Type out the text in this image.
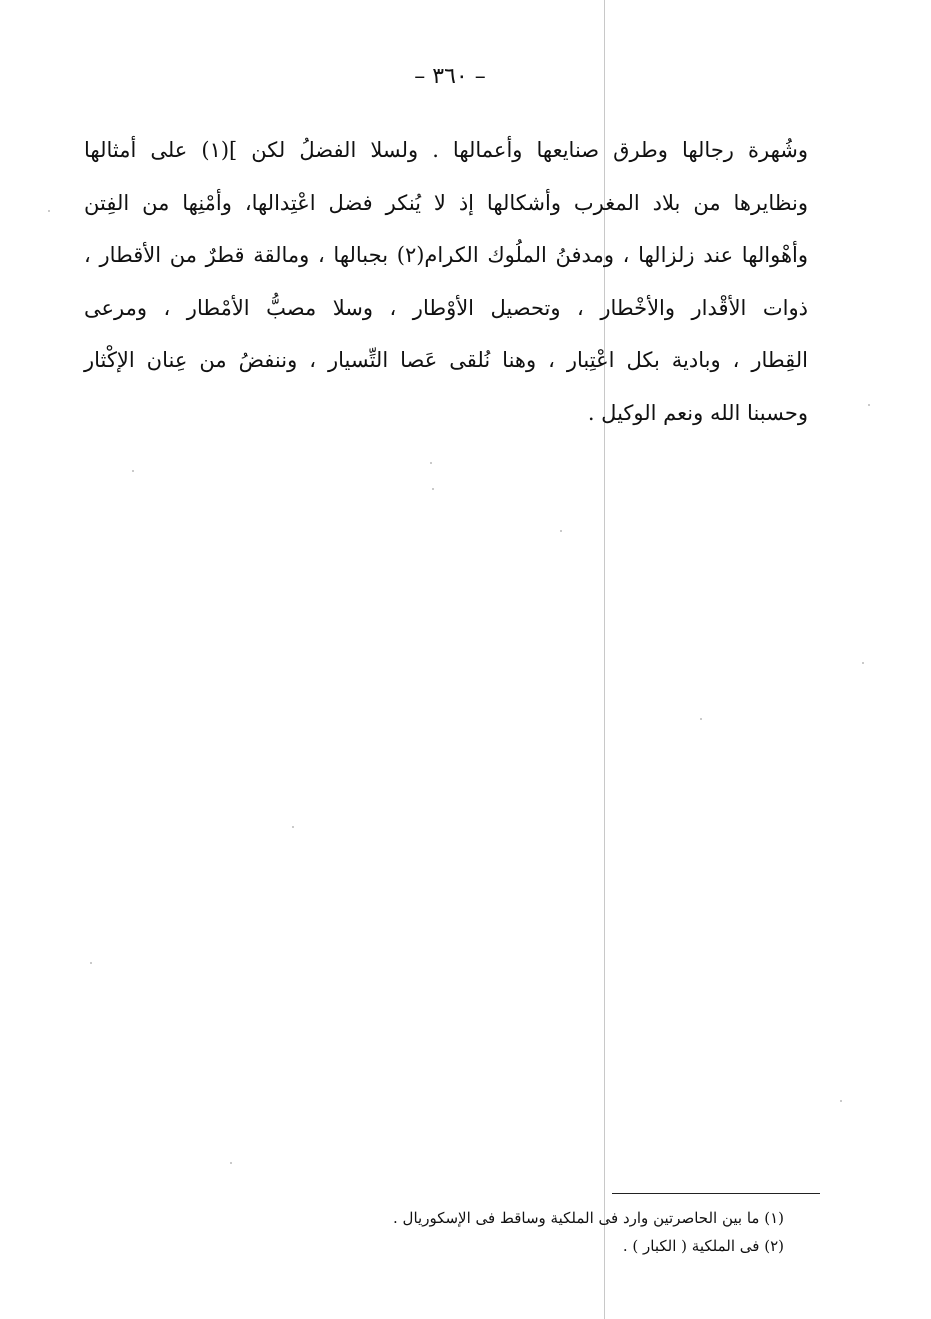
– ٣٦٠ –
وشُهرة رجالها وطرق صنايعها وأعمالها . ولسلا الفضلُ لكن ](١) على أمثالها
ونظايرها من بلاد المغرب وأشكالها إذ لا يُنكر فضل اعْتِدالها، وأمْنِها من الفِتن
وأهْوالها عند زلزالها ، ومدفنُ الملُوك الكرام(٢) بجبالها ، ومالقة قطرٌ من الأقطار ،
ذوات الأقْدار والأخْطار ، وتحصيل الأوْطار ، وسلا مصبُّ الأمْطار ، ومرعى
القِطار ، وبادية بكل اعْتِبار ، وهنا نُلقى عَصا التِّسيار ، وننفضُ من عِنان الإكْثار
وحسبنا الله ونعم الوكيل .
(١) ما بين الحاصرتين وارد فى الملكية وساقط فى الإسكوريال .
(٢) فى الملكية ( الكبار ) .
